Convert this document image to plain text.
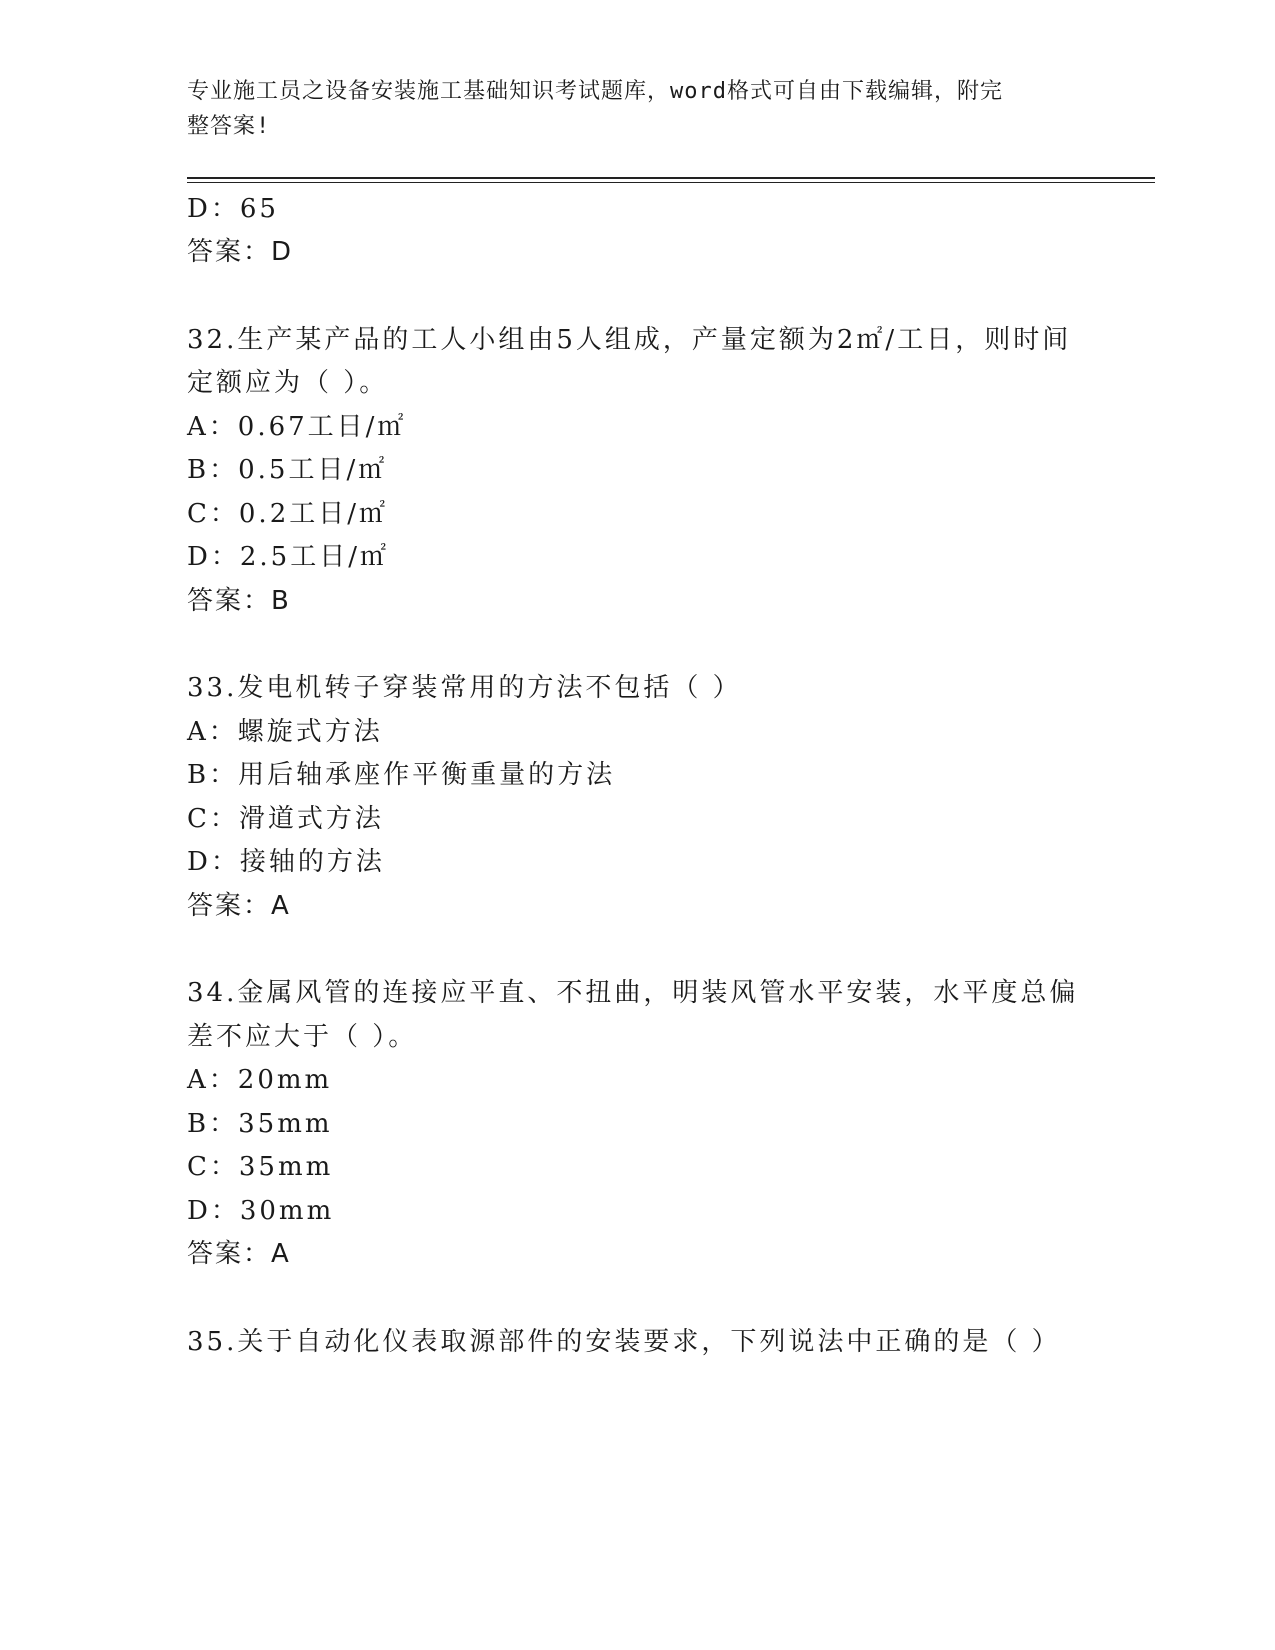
专业施工员之设备安装施工基础知识考试题库，word格式可自由下载编辑，附完
整答案!
D：65
答案：D
32.生产某产品的工人小组由5人组成，产量定额为2㎡/工日，则时间
定额应为（ ）。
A：0.67工日/㎡
B：0.5工日/㎡
C：0.2工日/㎡
D：2.5工日/㎡
答案：B
33.发电机转子穿装常用的方法不包括（ ）
A：螺旋式方法
B：用后轴承座作平衡重量的方法
C：滑道式方法
D：接轴的方法
答案：A
34.金属风管的连接应平直、不扭曲，明装风管水平安装，水平度总偏
差不应大于（ ）。
A：20mm
B：35mm
C：35mm
D：30mm
答案：A
35.关于自动化仪表取源部件的安装要求，下列说法中正确的是（ ）
